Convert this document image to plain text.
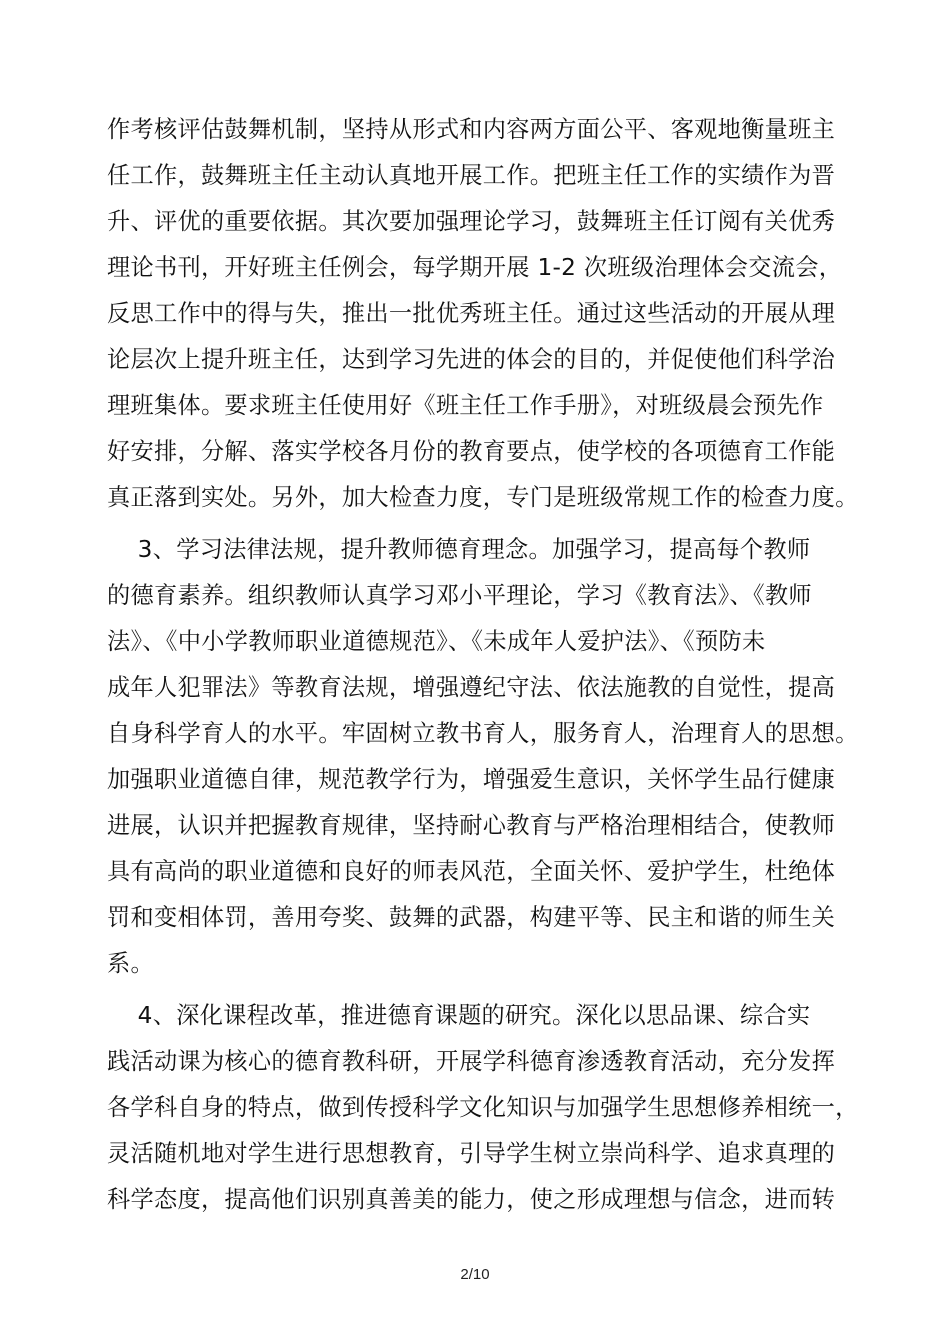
作考核评估鼓舞机制，坚持从形式和内容两方面公平、客观地衡量班主
任工作，鼓舞班主任主动认真地开展工作。把班主任工作的实绩作为晋
升、评优的重要依据。其次要加强理论学习，鼓舞班主任订阅有关优秀
理论书刊，开好班主任例会，每学期开展 1-2 次班级治理体会交流会，
反思工作中的得与失，推出一批优秀班主任。通过这些活动的开展从理
论层次上提升班主任，达到学习先进的体会的目的，并促使他们科学治
理班集体。要求班主任使用好《班主任工作手册》，对班级晨会预先作
好安排，分解、落实学校各月份的教育要点，使学校的各项德育工作能
真正落到实处。另外，加大检查力度，专门是班级常规工作的检查力度。
3、学习法律法规，提升教师德育理念。加强学习，提高每个教师
的德育素养。组织教师认真学习邓小平理论，学习《教育法》、《教师
法》、《中小学教师职业道德规范》、《未成年人爱护法》、《预防未
成年人犯罪法》等教育法规，增强遵纪守法、依法施教的自觉性，提高
自身科学育人的水平。牢固树立教书育人，服务育人，治理育人的思想。
加强职业道德自律，规范教学行为，增强爱生意识，关怀学生品行健康
进展，认识并把握教育规律，坚持耐心教育与严格治理相结合，使教师
具有高尚的职业道德和良好的师表风范，全面关怀、爱护学生，杜绝体
罚和变相体罚，善用夸奖、鼓舞的武器，构建平等、民主和谐的师生关
系。
4、深化课程改革，推进德育课题的研究。深化以思品课、综合实
践活动课为核心的德育教科研，开展学科德育渗透教育活动，充分发挥
各学科自身的特点，做到传授科学文化知识与加强学生思想修养相统一，
灵活随机地对学生进行思想教育，引导学生树立崇尚科学、追求真理的
科学态度，提高他们识别真善美的能力，使之形成理想与信念，进而转
2/10
